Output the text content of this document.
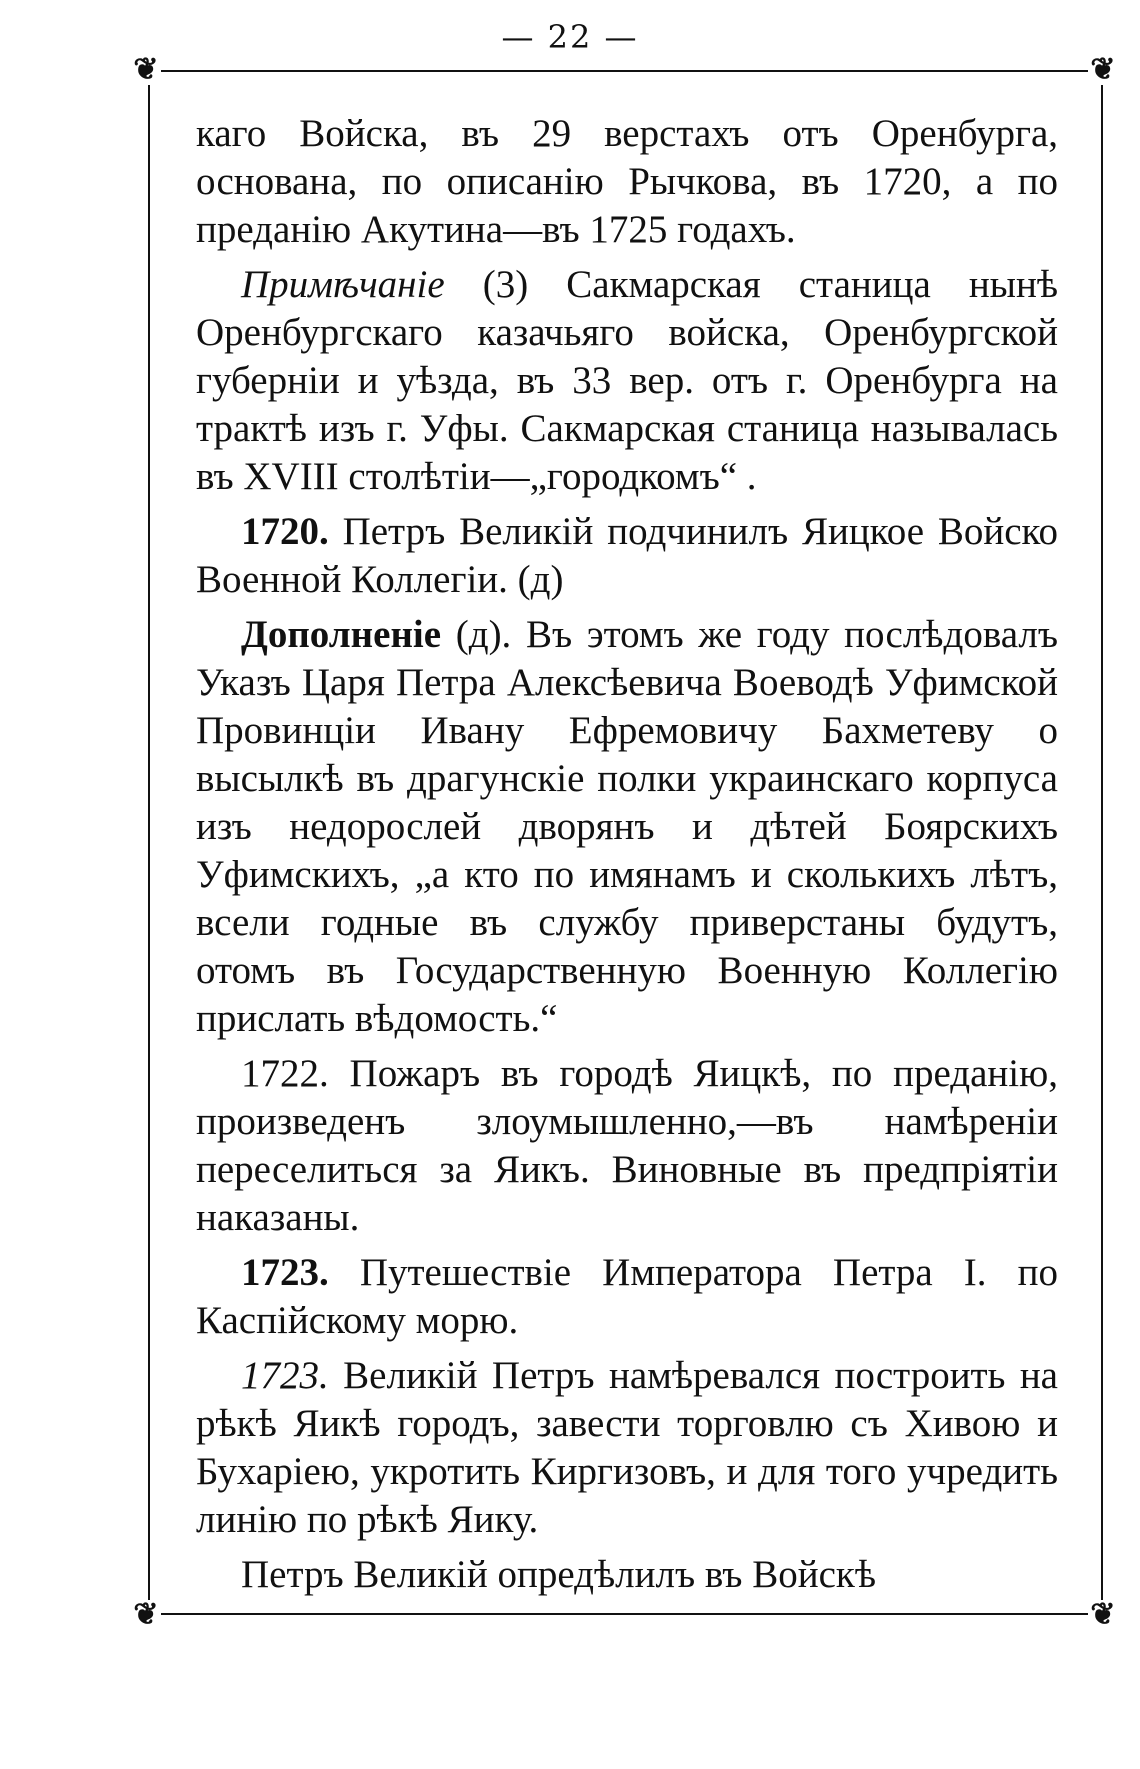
— 22 —
❦	❦
❦	❦

каго Войска, въ 29 верстахъ отъ Оренбурга, основана, по описанію Рычкова, въ 1720, а по преданію Акутина—въ 1725 годахъ.

Примѣчаніе (3) Сакмарская станица нынѣ Оренбургскаго казачьяго войска, Оренбургской губерніи и уѣзда, въ 33 вер. отъ г. Оренбурга на трактѣ изъ г. Уфы. Сакмарская станица называлась въ XVIII столѣтіи—„городкомъ“ .

1720. Петръ Великій подчинилъ Яицкое Войско Военной Коллегіи. (д)

Дополненіе (д). Въ этомъ же году послѣдовалъ Указъ Царя Петра Алексѣевича Воеводѣ Уфимской Провинціи Ивану Ефремовичу Бахметеву о высылкѣ въ драгунскіе полки украинскаго корпуса изъ недорослей дворянъ и дѣтей Боярскихъ Уфимскихъ, „а кто по имянамъ и сколькихъ лѣтъ, всели годные въ службу приверстаны будутъ, отомъ въ Государственную Военную Коллегію прислать вѣдомость.“

1722. Пожаръ въ городѣ Яицкѣ, по преданію, произведенъ злоумышленно,—въ намѣреніи переселиться за Яикъ. Виновные въ предпріятіи наказаны.

1723. Путешествіе Императора Петра I. по Каспійскому морю.

1723. Великій Петръ намѣревался построить на рѣкѣ Яикѣ городъ, завести торговлю съ Хивою и Бухаріею, укротить Киргизовъ, и для того учредить линію по рѣкѣ Яику.

Петръ Великій опредѣлилъ въ Войскѣ
